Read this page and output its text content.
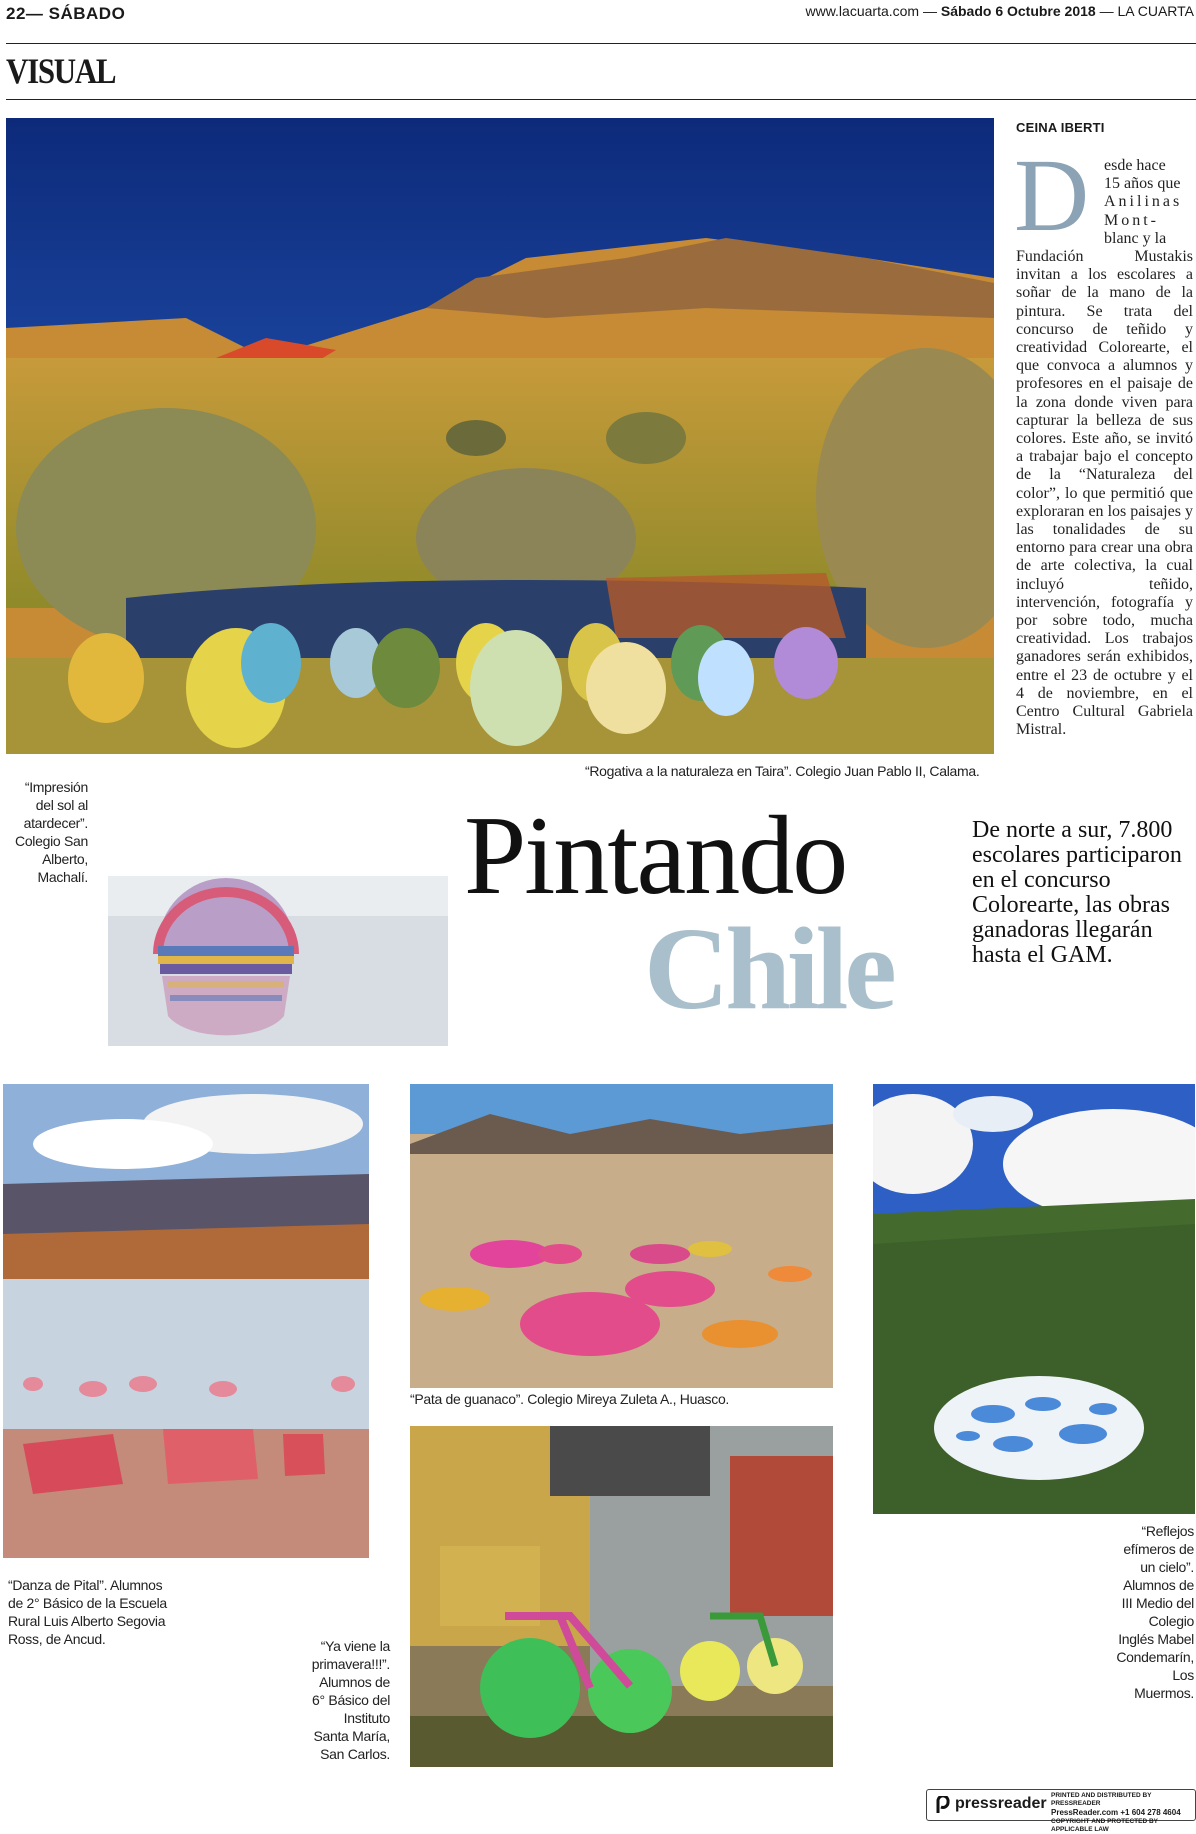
22— SÁBADO	www.lacuarta.com — Sábado 6 Octubre 2018 — LA CUARTA
VISUAL
“Rogativa a la naturaleza en Taira”. Colegio Juan Pablo II, Calama.
CEINA IBERTI
D esde hace
15 años que
Anilinas
Mont-
blanc y la
Fundación Mustakis invitan a los escolares a soñar de la mano de la pintura. Se trata del concurso de teñido y creatividad Colorearte, el que convoca a alumnos y profesores en el paisaje de la zona donde viven para capturar la belleza de sus colores. Este año, se invitó a trabajar bajo el concepto de la “Naturaleza del color”, lo que permitió que exploraran en los paisajes y las tonalidades de su entorno para crear una obra de arte colectiva, la cual incluyó teñido, intervención, fotografía y por sobre todo, mucha creatividad. Los trabajos ganadores serán exhibidos, entre el 23 de octubre y el 4 de noviembre, en el Centro Cultural Gabriela Mistral.
“Impresión
del sol al
atardecer”.
Colegio San
Alberto,
Machalí.	Pintando
Chile
De norte a sur, 7.800 escolares participaron en el concurso Colorearte, las obras ganadoras llegarán hasta el GAM.
“Danza de Pital”. Alumnos
de 2° Básico de la Escuela
Rural Luis Alberto Segovia
Ross, de Ancud.
“Pata de guanaco”. Colegio Mireya Zuleta A., Huasco.
“Ya viene la
primavera!!!”.
Alumnos de
6° Básico del
Instituto
Santa María,
San Carlos.
“Reflejos
efímeros de
un cielo”.
Alumnos de
III Medio del
Colegio
Inglés Mabel
Condemarín,
Los
Muermos.
pressreader PRINTED AND DISTRIBUTED BY PRESSREADER
PressReader.com +1 604 278 4604
COPYRIGHT AND PROTECTED BY APPLICABLE LAW
